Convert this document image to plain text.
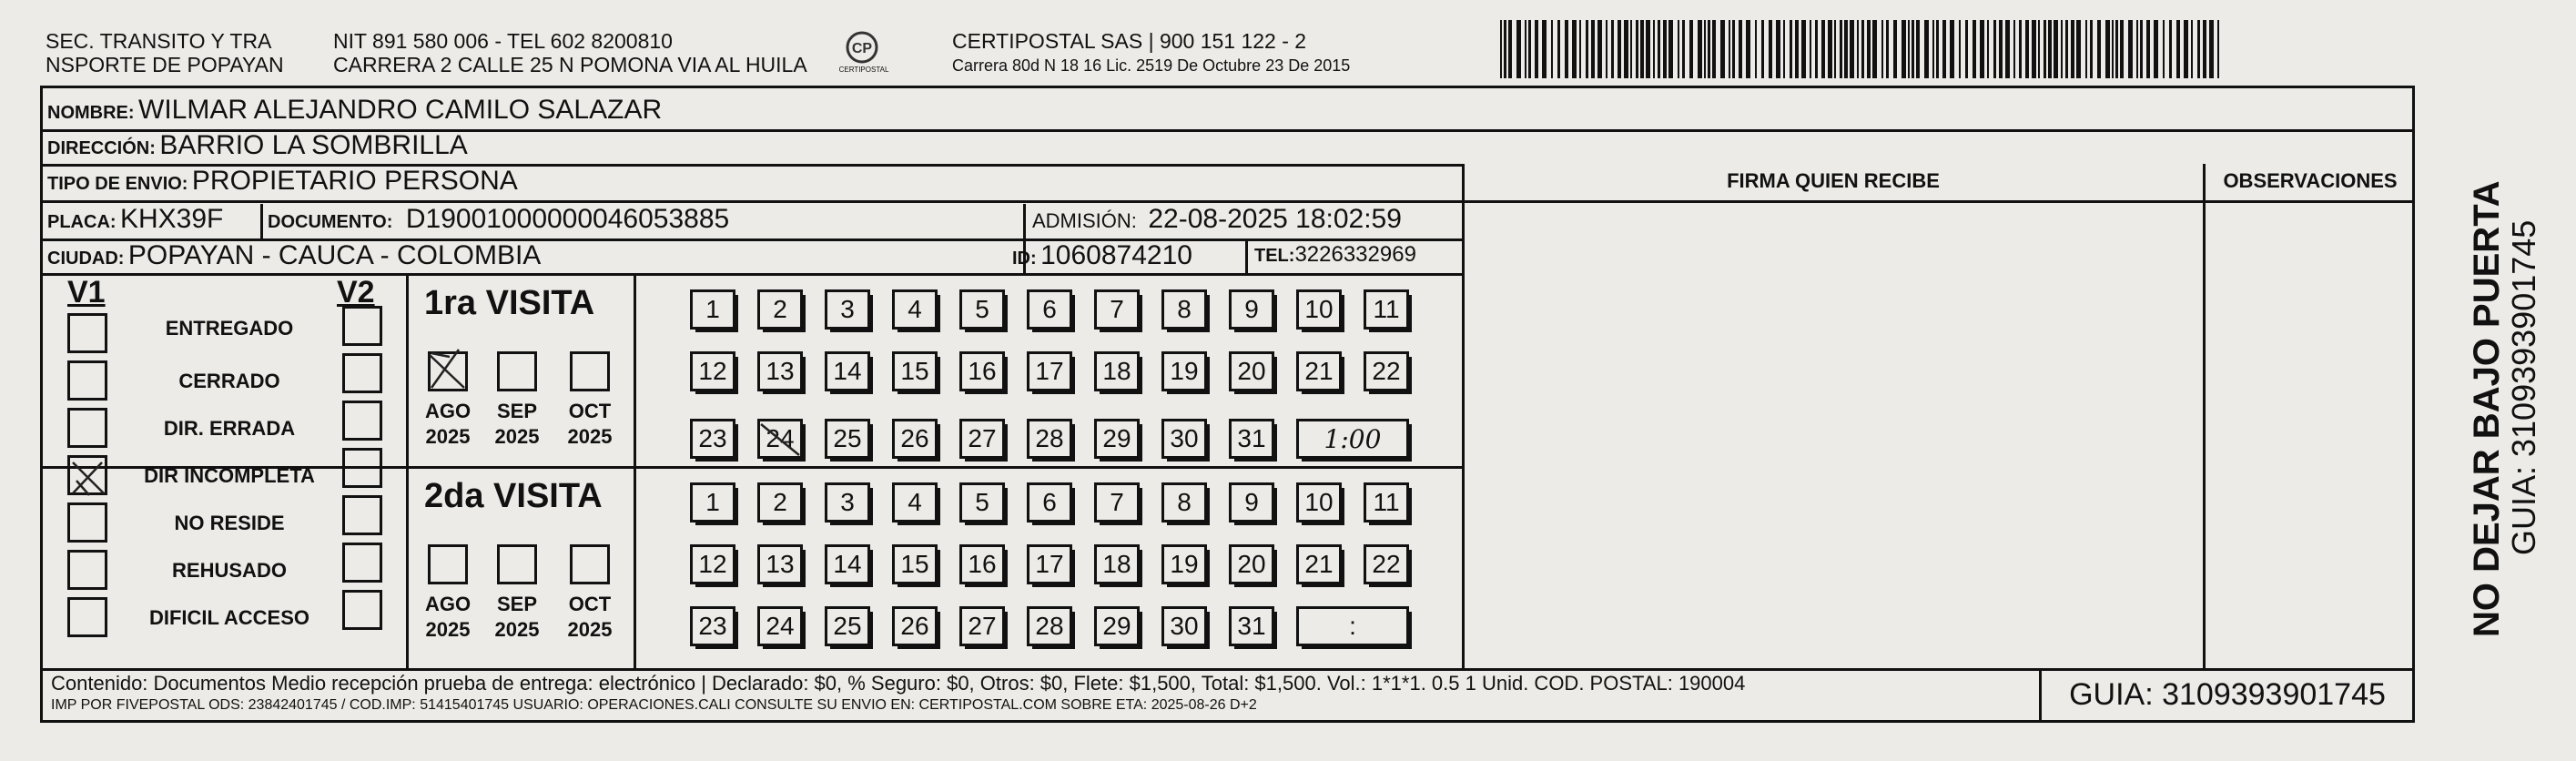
SEC. TRANSITO Y TRA
NSPORTE DE POPAYAN
NIT 891 580 006 - TEL 602 8200810
CARRERA 2 CALLE 25 N POMONA VIA AL HUILA
CP
CERTIPOSTAL
CERTIPOSTAL SAS | 900 151 122 - 2
Carrera 80d N 18 16 Lic. 2519 De Octubre 23 De 2015
NOMBRE: WILMAR ALEJANDRO CAMILO SALAZAR
DIRECCIÓN: BARRIO LA SOMBRILLA
TIPO DE ENVIO: PROPIETARIO PERSONA
PLACA: KHX39F DOCUMENTO: D19001000000046053885	ADMISIÓN: 22-08-2025 18:02:59
CIUDAD: POPAYAN - CAUCA - COLOMBIA	ID: 1060874210	TEL:3226332969
FIRMA QUIEN RECIBE	OBSERVACIONES
V1	V2
ENTREGADO
CERRADO
DIR. ERRADA
DIR INCOMPLETA
NO RESIDE
REHUSADO
DIFICIL ACCESO
1ra VISITA
2da VISITA
AGO
2025
SEP
2025
OCT
2025
AGO
2025
SEP
2025
OCT
2025
1	2	3	4	5	6	7	8	9	10	11
12	13	14	15	16	17	18	19	20	21	22
23	24	25	26	27	28	29	30	31	1:00
1	2	3	4	5	6	7	8	9	10	11
12	13	14	15	16	17	18	19	20	21	22
23	24	25	26	27	28	29	30	31	:
Contenido: Documentos Medio recepción prueba de entrega: electrónico | Declarado: $0, % Seguro: $0, Otros: $0, Flete: $1,500, Total: $1,500. Vol.: 1*1*1. 0.5 1 Unid. COD. POSTAL: 190004
IMP POR FIVEPOSTAL ODS: 23842401745 / COD.IMP: 51415401745 USUARIO: OPERACIONES.CALI CONSULTE SU ENVIO EN: CERTIPOSTAL.COM SOBRE ETA: 2025-08-26 D+2	GUIA: 3109393901745
NO DEJAR BAJO PUERTA
GUIA: 3109393901745
